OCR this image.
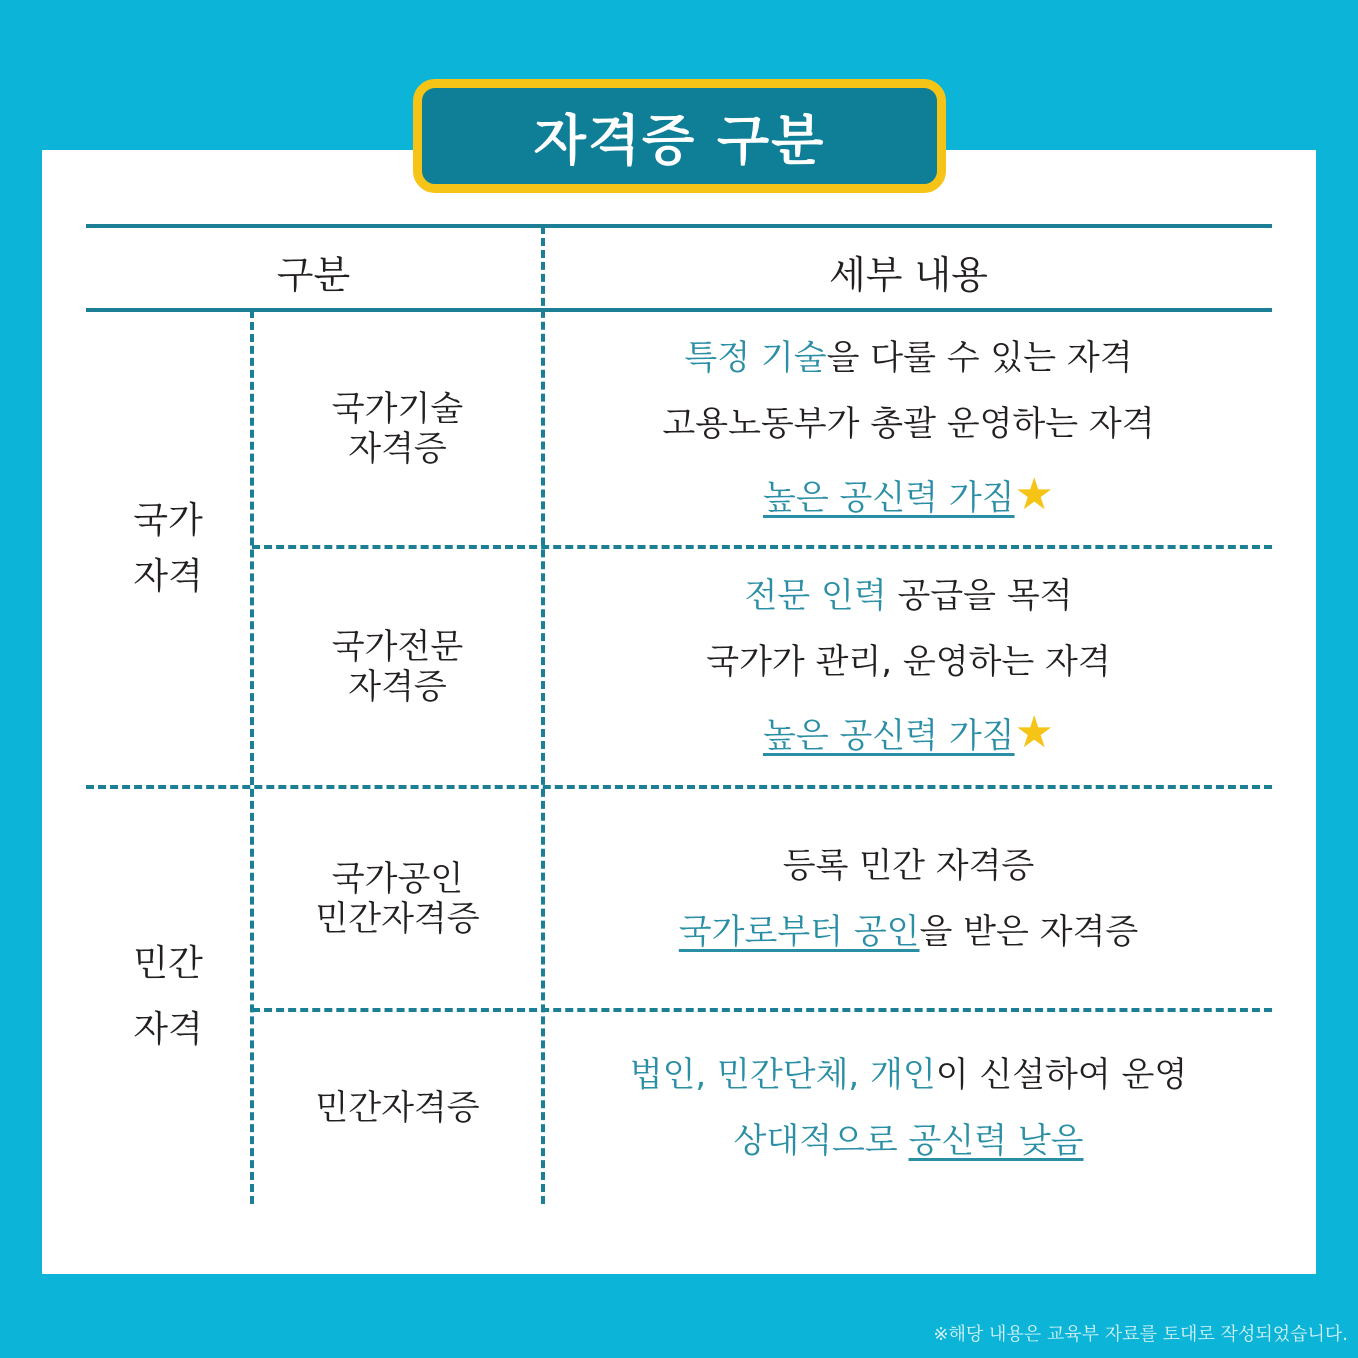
자격증 구분
구분	세부 내용
국가
자격
민간
자격
국가기술
자격증
국가전문
자격증
국가공인
민간자격증
민간자격증
특정 기술을 다룰 수 있는 자격
고용노동부가 총괄 운영하는 자격
높은 공신력 가짐★
전문 인력 공급을 목적
국가가 관리, 운영하는 자격
높은 공신력 가짐★
등록 민간 자격증
국가로부터 공인을 받은 자격증
법인, 민간단체, 개인이 신설하여 운영
상대적으로 공신력 낮음
※해당 내용은 교육부 자료를 토대로 작성되었습니다.
